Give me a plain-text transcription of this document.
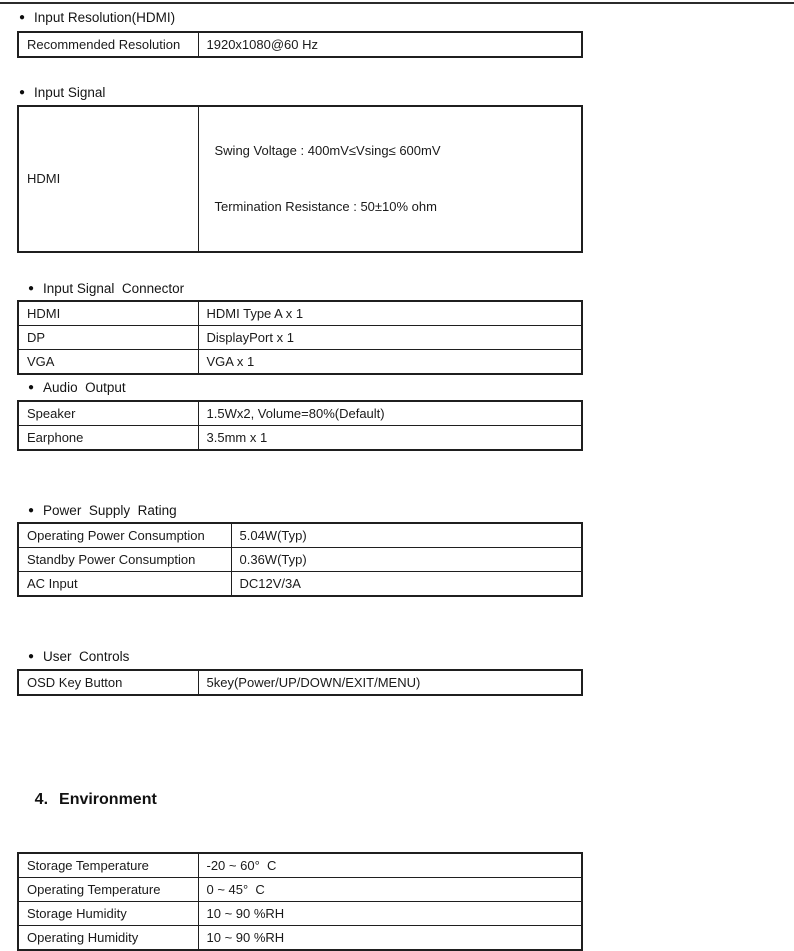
● Input Resolution(HDMI)
Recommended Resolution	1920x1080@60 Hz
● Input Signal
HDMI	

Swing Voltage : 400mV≤Vsing≤ 600mV

Termination Resistance : 50±10% ohm

● Input Signal  Connector
HDMI	HDMI Type A x 1
DP	DisplayPort x 1
VGA	VGA x 1
● Audio  Output
Speaker	1.5Wx2, Volume=80%(Default)
Earphone	3.5mm x 1
● Power  Supply  Rating
Operating Power Consumption	5.04W(Typ)
Standby Power Consumption	0.36W(Typ)
AC Input	DC12V/3A
● User  Controls
OSD Key Button	5key(Power/UP/DOWN/EXIT/MENU)

4. Environment

Storage Temperature	-20 ~ 60°  C
Operating Temperature	0 ~ 45°  C
Storage Humidity	10 ~ 90 %RH
Operating Humidity	10 ~ 90 %RH
